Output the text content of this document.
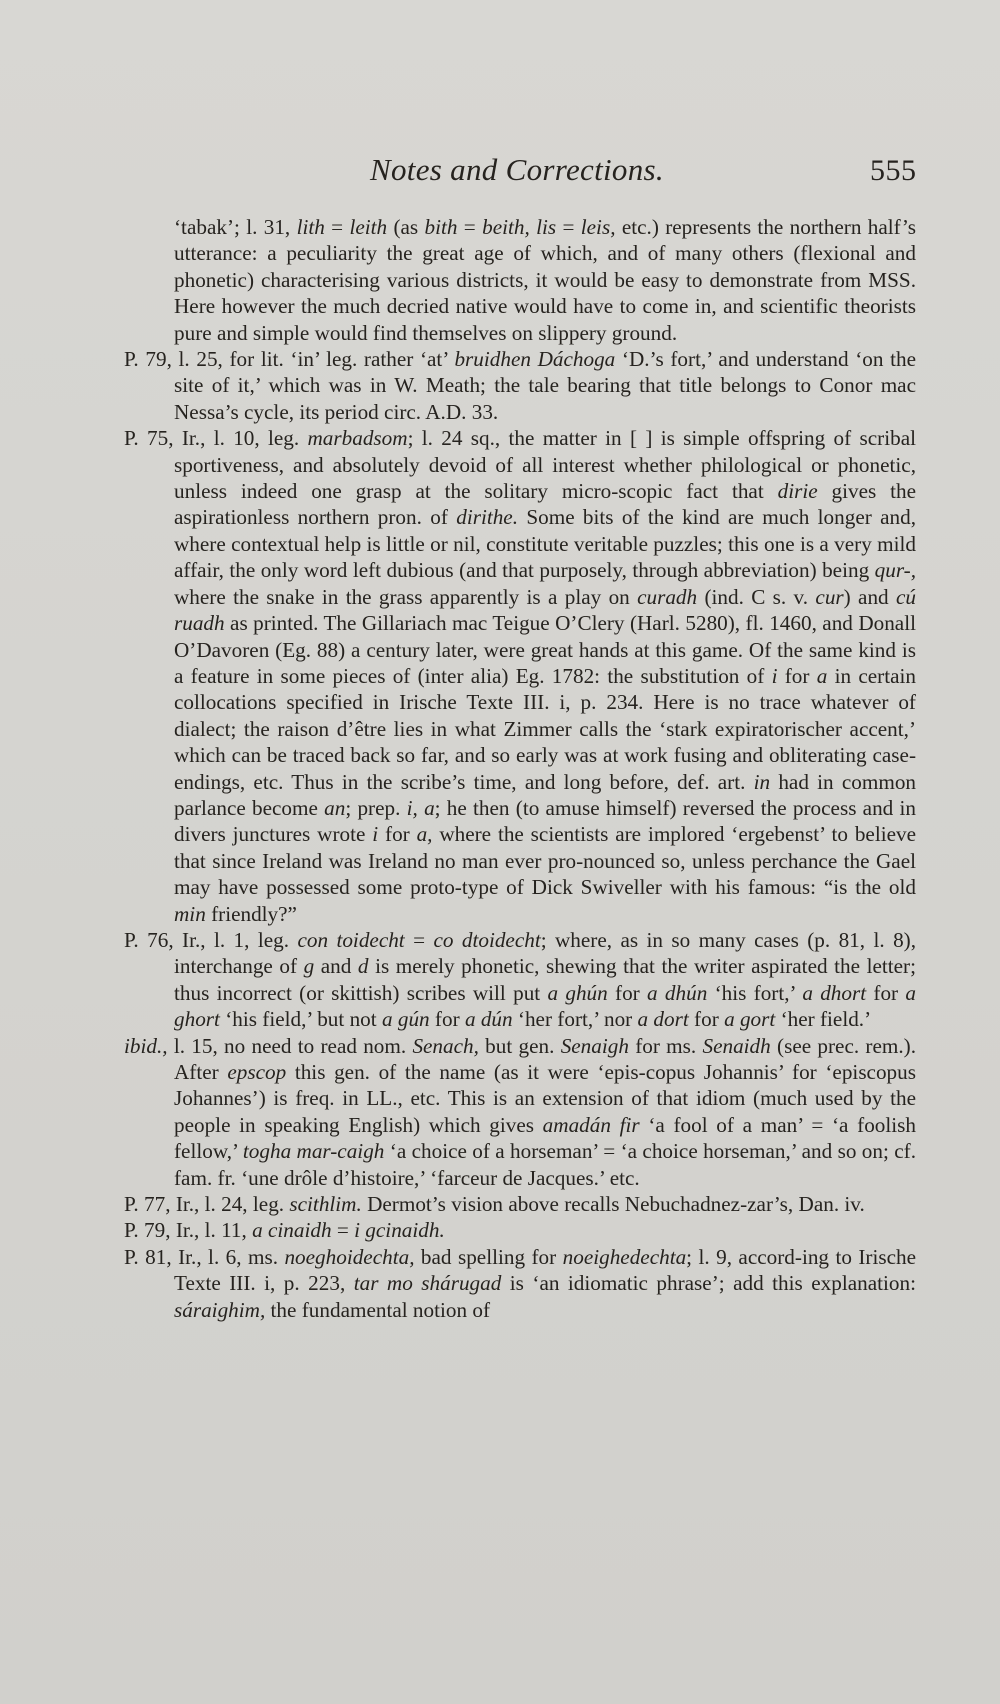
Notes and Corrections.	555

‘tabak’; l. 31, lith = leith (as bith = beith, lis = leis, etc.) represents the northern half’s utterance: a peculiarity the great age of which, and of many others (flexional and phonetic) characterising various districts, it would be easy to demonstrate from MSS. Here however the much decried native would have to come in, and scientific theorists pure and simple would find themselves on slippery ground.

P. 79, l. 25, for lit. ‘in’ leg. rather ‘at’ bruidhen Dáchoga ‘D.’s fort,’ and understand ‘on the site of it,’ which was in W. Meath; the tale bearing that title belongs to Conor mac Nessa’s cycle, its period circ. A.D. 33.

P. 75, Ir., l. 10, leg. marbadsom; l. 24 sq., the matter in [ ] is simple offspring of scribal sportiveness, and absolutely devoid of all interest whether philological or phonetic, unless indeed one grasp at the solitary micro-scopic fact that dirie gives the aspirationless northern pron. of dirithe. Some bits of the kind are much longer and, where contextual help is little or nil, constitute veritable puzzles; this one is a very mild affair, the only word left dubious (and that purposely, through abbreviation) being qur-, where the snake in the grass apparently is a play on curadh (ind. C s. v. cur) and cú ruadh as printed. The Gillariach mac Teigue O’Clery (Harl. 5280), fl. 1460, and Donall O’Davoren (Eg. 88) a century later, were great hands at this game. Of the same kind is a feature in some pieces of (inter alia) Eg. 1782: the substitution of i for a in certain collocations specified in Irische Texte III. i, p. 234. Here is no trace whatever of dialect; the raison d’être lies in what Zimmer calls the ‘stark expiratorischer accent,’ which can be traced back so far, and so early was at work fusing and obliterating case-endings, etc. Thus in the scribe’s time, and long before, def. art. in had in common parlance become an; prep. i, a; he then (to amuse himself) reversed the process and in divers junctures wrote i for a, where the scientists are implored ‘ergebenst’ to believe that since Ireland was Ireland no man ever pro-nounced so, unless perchance the Gael may have possessed some proto-type of Dick Swiveller with his famous: “is the old min friendly?”

P. 76, Ir., l. 1, leg. con toidecht = co dtoidecht; where, as in so many cases (p. 81, l. 8), interchange of g and d is merely phonetic, shewing that the writer aspirated the letter; thus incorrect (or skittish) scribes will put a ghún for a dhún ‘his fort,’ a dhort for a ghort ‘his field,’ but not a gún for a dún ‘her fort,’ nor a dort for a gort ‘her field.’

ibid., l. 15, no need to read nom. Senach, but gen. Senaigh for ms. Senaidh (see prec. rem.). After epscop this gen. of the name (as it were ‘epis-copus Johannis’ for ‘episcopus Johannes’) is freq. in LL., etc. This is an extension of that idiom (much used by the people in speaking English) which gives amadán fir ‘a fool of a man’ = ‘a foolish fellow,’ togha mar-caigh ‘a choice of a horseman’ = ‘a choice horseman,’ and so on; cf. fam. fr. ‘une drôle d’histoire,’ ‘farceur de Jacques.’ etc.

P. 77, Ir., l. 24, leg. scithlim. Dermot’s vision above recalls Nebuchadnez-zar’s, Dan. iv.

P. 79, Ir., l. 11, a cinaidh = i gcinaidh.

P. 81, Ir., l. 6, ms. noeghoidechta, bad spelling for noeighedechta; l. 9, accord-ing to Irische Texte III. i, p. 223, tar mo shárugad is ‘an idiomatic phrase’; add this explanation: sáraighim, the fundamental notion of
